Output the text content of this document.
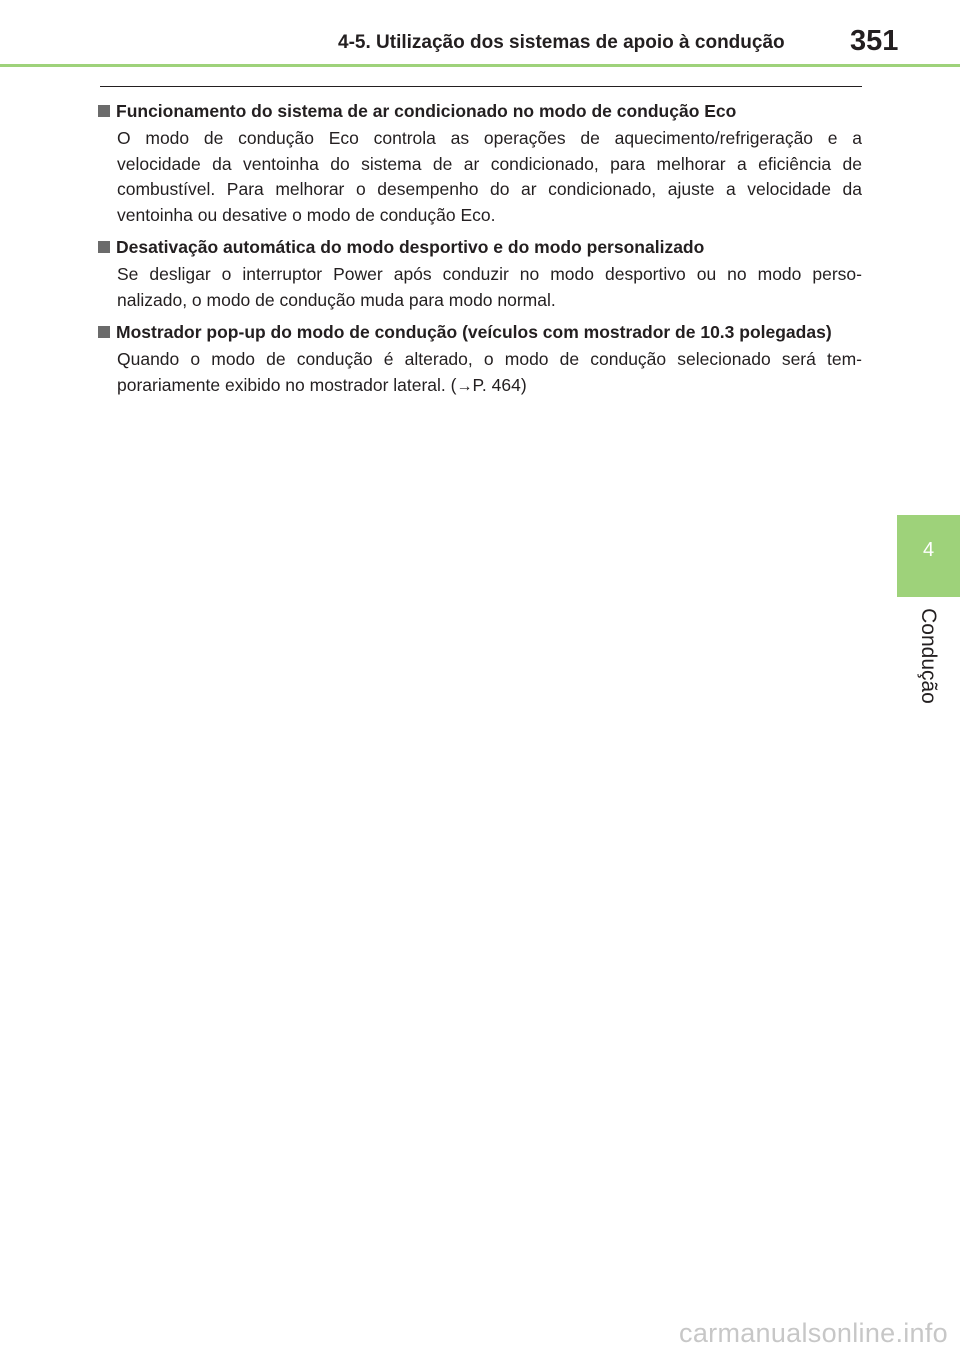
4-5. Utilização dos sistemas de apoio à condução 351
Funcionamento do sistema de ar condicionado no modo de condução Eco
O modo de condução Eco controla as operações de aquecimento/refrigeração e a
velocidade da ventoinha do sistema de ar condicionado, para melhorar a eficiência de
combustível. Para melhorar o desempenho do ar condicionado, ajuste a velocidade da
ventoinha ou desative o modo de condução Eco.
Desativação automática do modo desportivo e do modo personalizado
Se desligar o interruptor Power após conduzir no modo desportivo ou no modo perso-
nalizado, o modo de condução muda para modo normal.
Mostrador pop-up do modo de condução (veículos com mostrador de 10.3 polegadas)
Quando o modo de condução é alterado, o modo de condução selecionado será tem-
porariamente exibido no mostrador lateral. (→P. 464)
4
Condução
carmanualsonline.info
